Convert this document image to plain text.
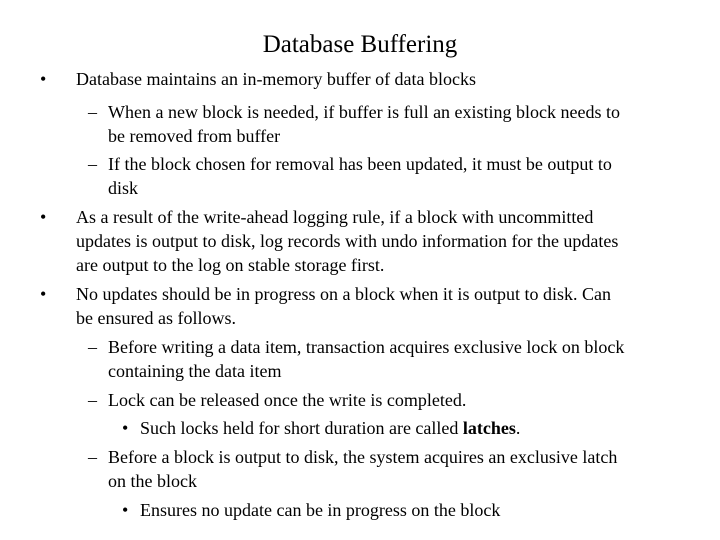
Database Buffering
• Database maintains an in-memory buffer of data blocks
– When a new block is needed, if buffer is full an existing block needs to
be removed from buffer
– If the block chosen for removal has been updated, it must be output to
disk
• As a result of the write-ahead logging rule, if a block with uncommitted
updates is output to disk, log records with undo information for the updates
are output to the log on stable storage first.
• No updates should be in progress on a block when it is output to disk. Can
be ensured as follows.
– Before writing a data item, transaction acquires exclusive lock on block
containing the data item
– Lock can be released once the write is completed.
• Such locks held for short duration are called latches.
– Before a block is output to disk, the system acquires an exclusive latch
on the block
• Ensures no update can be in progress on the block
